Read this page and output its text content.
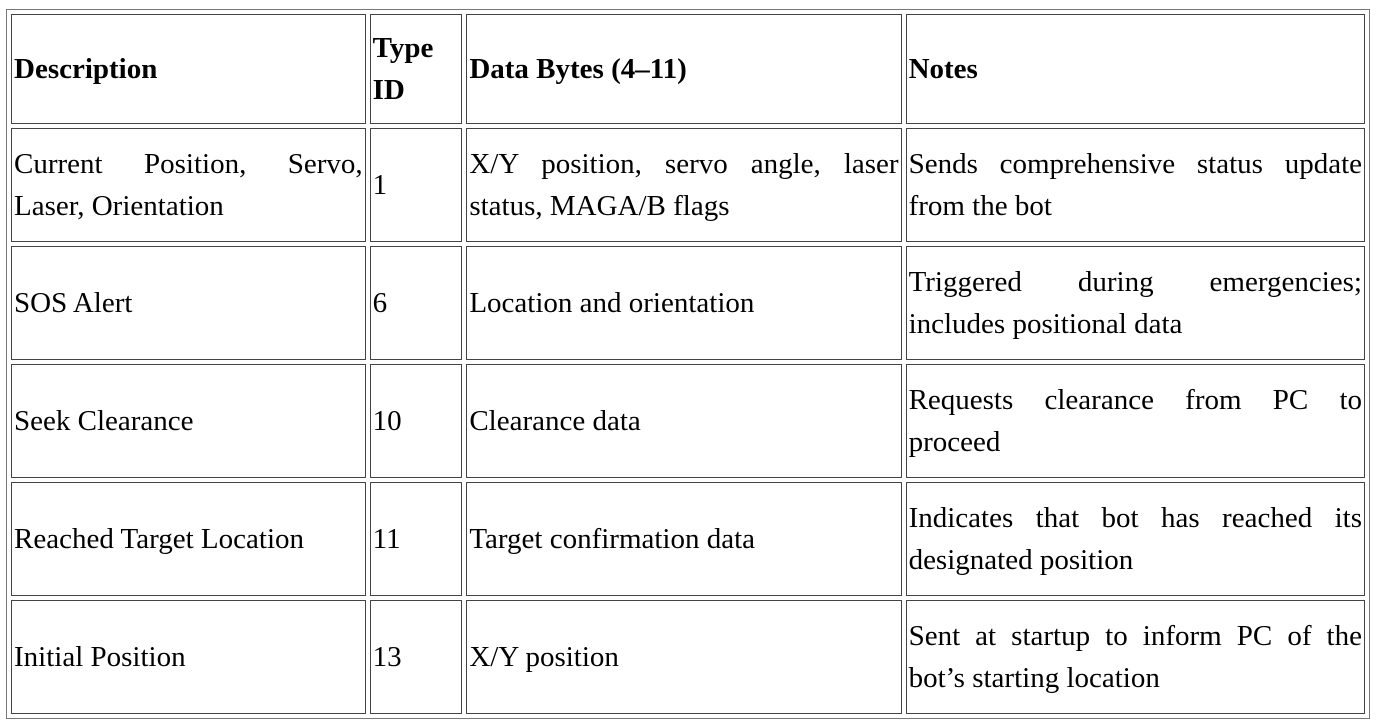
Description	Type ID	Data Bytes (4–11)	Notes
Current Position, Servo, Laser, Orientation	1	X/Y position, servo angle, laser status, MAGA/B flags	Sends comprehensive status update from the bot
SOS Alert	6	Location and orientation	Triggered during emergencies; includes positional data
Seek Clearance	10	Clearance data	Requests clearance from PC to proceed
Reached Target Location	11	Target confirmation data	Indicates that bot has reached its designated position
Initial Position	13	X/Y position	Sent at startup to inform PC of the bot’s starting location
